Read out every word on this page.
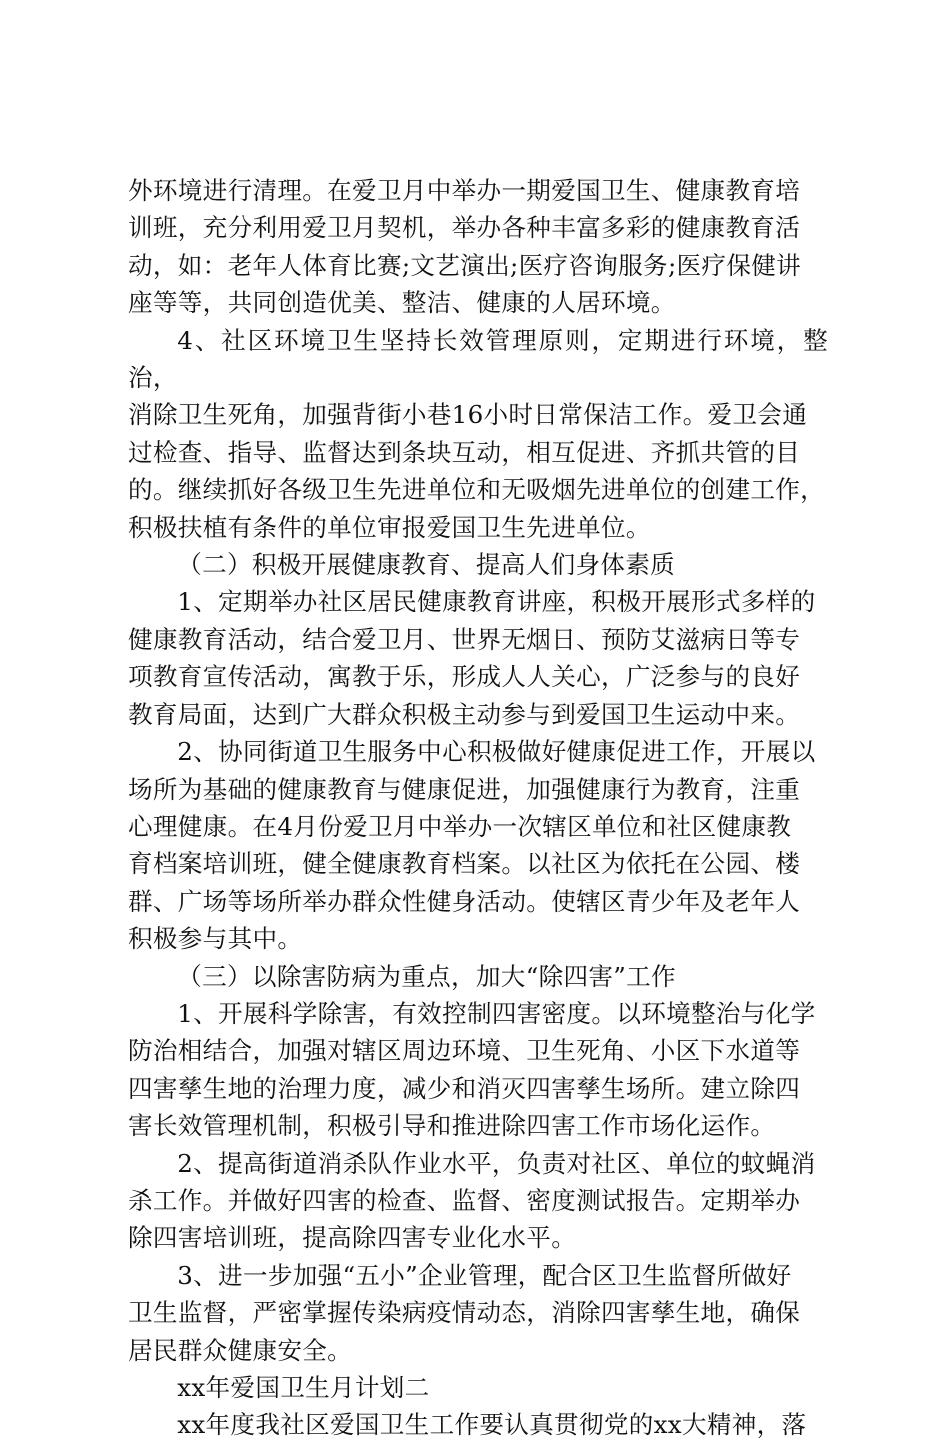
外环境进行清理。在爱卫月中举办一期爱国卫生、健康教育培
训班，充分利用爱卫月契机，举办各种丰富多彩的健康教育活
动，如：老年人体育比赛;文艺演出;医疗咨询服务;医疗保健讲
座等等，共同创造优美、整洁、健康的人居环境。
4、社区环境卫生坚持长效管理原则，定期进行环境，整治，
消除卫生死角，加强背街小巷16小时日常保洁工作。爱卫会通
过检查、指导、监督达到条块互动，相互促进、齐抓共管的目
的。继续抓好各级卫生先进单位和无吸烟先进单位的创建工作，
积极扶植有条件的单位审报爱国卫生先进单位。
（二）积极开展健康教育、提高人们身体素质
1、定期举办社区居民健康教育讲座，积极开展形式多样的
健康教育活动，结合爱卫月、世界无烟日、预防艾滋病日等专
项教育宣传活动，寓教于乐，形成人人关心，广泛参与的良好
教育局面，达到广大群众积极主动参与到爱国卫生运动中来。
2、协同街道卫生服务中心积极做好健康促进工作，开展以
场所为基础的健康教育与健康促进，加强健康行为教育，注重
心理健康。在4月份爱卫月中举办一次辖区单位和社区健康教
育档案培训班，健全健康教育档案。以社区为依托在公园、楼
群、广场等场所举办群众性健身活动。使辖区青少年及老年人
积极参与其中。
（三）以除害防病为重点，加大“除四害”工作
1、开展科学除害，有效控制四害密度。以环境整治与化学
防治相结合，加强对辖区周边环境、卫生死角、小区下水道等
四害孳生地的治理力度，减少和消灭四害孳生场所。建立除四
害长效管理机制，积极引导和推进除四害工作市场化运作。
2、提高街道消杀队作业水平，负责对社区、单位的蚊蝇消
杀工作。并做好四害的检查、监督、密度测试报告。定期举办
除四害培训班，提高除四害专业化水平。
3、进一步加强“五小”企业管理，配合区卫生监督所做好
卫生监督，严密掌握传染病疫情动态，消除四害孳生地，确保
居民群众健康安全。
xx年爱国卫生月计划二
xx年度我社区爱国卫生工作要认真贯彻党的xx大精神，落
